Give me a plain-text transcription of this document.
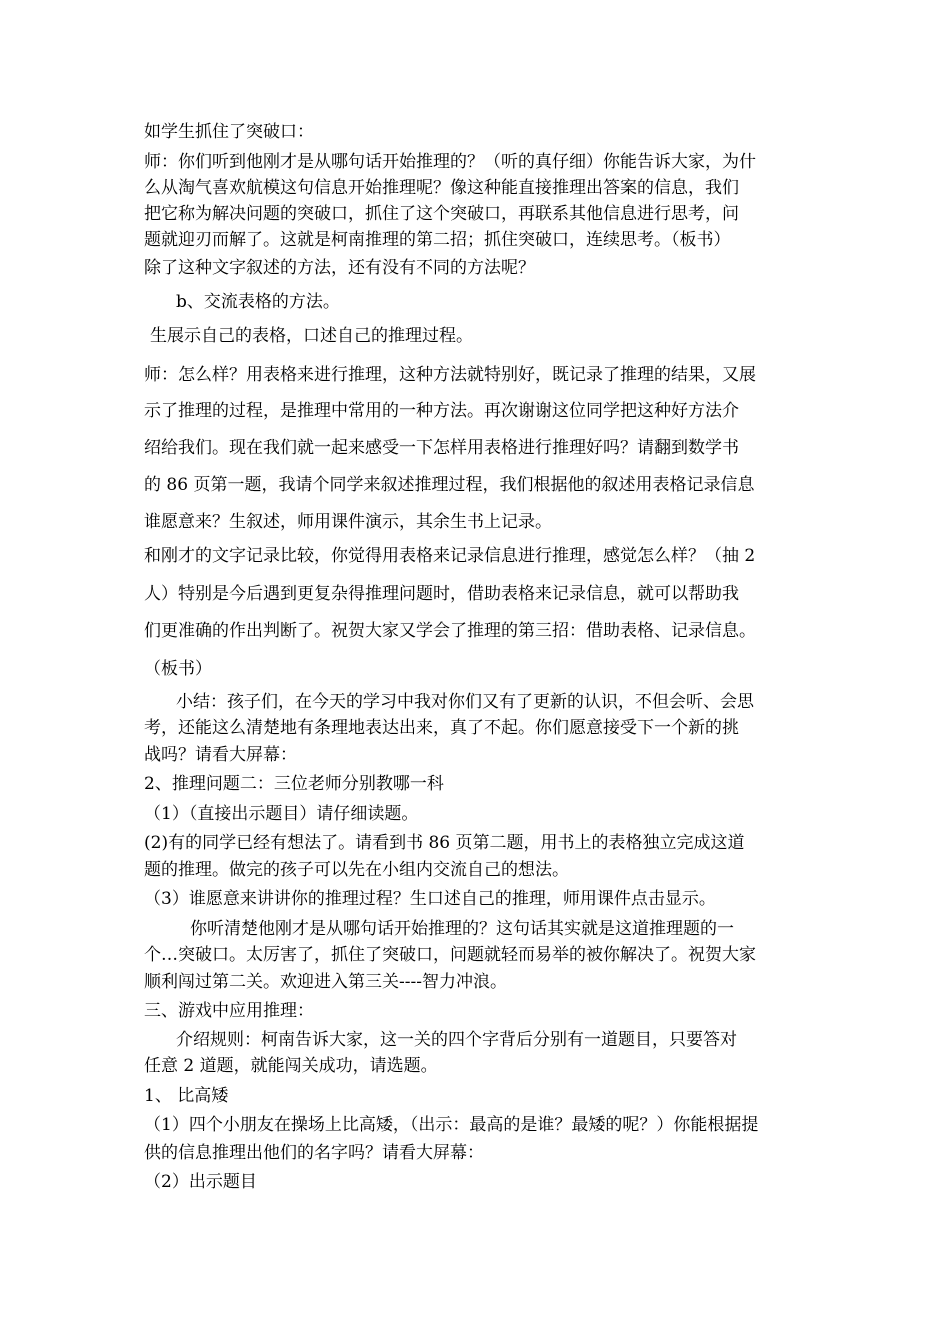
如学生抓住了突破口：
师：你们听到他刚才是从哪句话开始推理的？（听的真仔细）你能告诉大家，为什
么从淘气喜欢航模这句信息开始推理呢？像这种能直接推理出答案的信息，我们
把它称为解决问题的突破口，抓住了这个突破口，再联系其他信息进行思考，问
题就迎刃而解了。这就是柯南推理的第二招；抓住突破口，连续思考。（板书）
除了这种文字叙述的方法，还有没有不同的方法呢？
b、交流表格的方法。
生展示自己的表格，口述自己的推理过程。
师：怎么样？用表格来进行推理，这种方法就特别好，既记录了推理的结果，又展
示了推理的过程，是推理中常用的一种方法。再次谢谢这位同学把这种好方法介
绍给我们。现在我们就一起来感受一下怎样用表格进行推理好吗？请翻到数学书
的 86 页第一题，我请个同学来叙述推理过程，我们根据他的叙述用表格记录信息
谁愿意来？生叙述，师用课件演示，其余生书上记录。
和刚才的文字记录比较，你觉得用表格来记录信息进行推理，感觉怎么样？（抽 2
人）特别是今后遇到更复杂得推理问题时，借助表格来记录信息，就可以帮助我
们更准确的作出判断了。祝贺大家又学会了推理的第三招：借助表格、记录信息。
（板书）
小结：孩子们，在今天的学习中我对你们又有了更新的认识，不但会听、会思
考，还能这么清楚地有条理地表达出来，真了不起。你们愿意接受下一个新的挑
战吗？请看大屏幕：
2、推理问题二：三位老师分别教哪一科
（1）（直接出示题目）请仔细读题。
(2)有的同学已经有想法了。请看到书 86 页第二题，用书上的表格独立完成这道
题的推理。做完的孩子可以先在小组内交流自己的想法。
（3）谁愿意来讲讲你的推理过程？生口述自己的推理，师用课件点击显示。
你听清楚他刚才是从哪句话开始推理的？这句话其实就是这道推理题的一
个…突破口。太厉害了，抓住了突破口，问题就轻而易举的被你解决了。祝贺大家
顺利闯过第二关。欢迎进入第三关----智力冲浪。
三、游戏中应用推理：
介绍规则：柯南告诉大家，这一关的四个字背后分别有一道题目，只要答对
任意 2 道题，就能闯关成功，请选题。
1、 比高矮
（1）四个小朋友在操场上比高矮，（出示：最高的是谁？最矮的呢？）你能根据提
供的信息推理出他们的名字吗？请看大屏幕：
（2）出示题目
